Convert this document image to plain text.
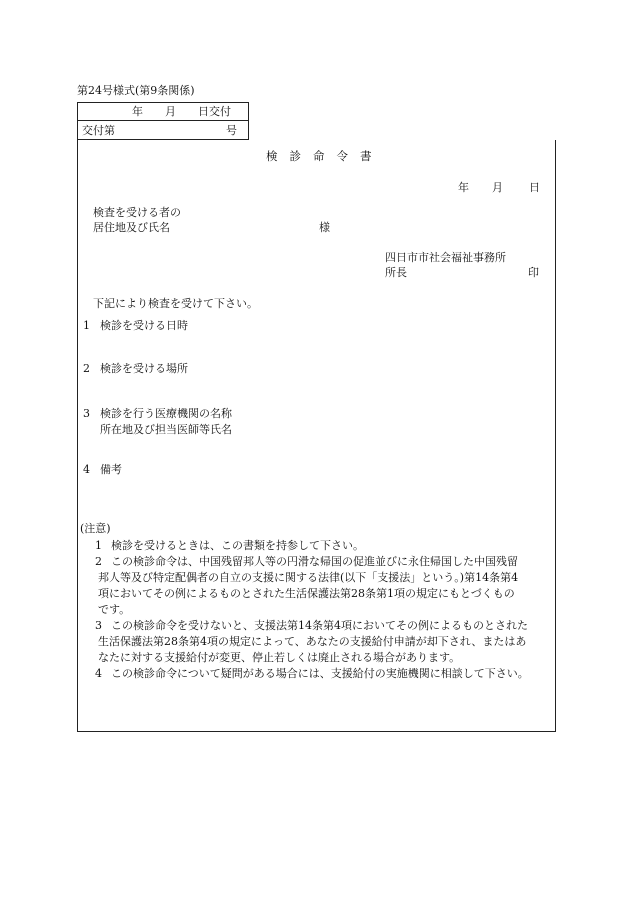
第24号様式(第9条関係)
年　　月　　日交付
交付第	号
検診命令書
年 月 日
検査を受ける者の
居住地及び氏名	様
四日市市社会福祉事務所
所長	印
下記により検査を受けて下さい。
1 検診を受ける日時
2 検診を受ける場所
3 検診を行う医療機関の名称
所在地及び担当医師等氏名
4 備考
(注意)
1 検診を受けるときは、この書類を持参して下さい。
2 この検診命令は、中国残留邦人等の円滑な帰国の促進並びに永住帰国した中国残留
邦人等及び特定配偶者の自立の支援に関する法律(以下「支援法」という。)第14条第4
項においてその例によるものとされた生活保護法第28条第1項の規定にもとづくもの
です。
3 この検診命令を受けないと、支援法第14条第4項においてその例によるものとされた
生活保護法第28条第4項の規定によって、あなたの支援給付申請が却下され、またはあ
なたに対する支援給付が変更、停止若しくは廃止される場合があります。
4 この検診命令について疑問がある場合には、支援給付の実施機関に相談して下さい。
